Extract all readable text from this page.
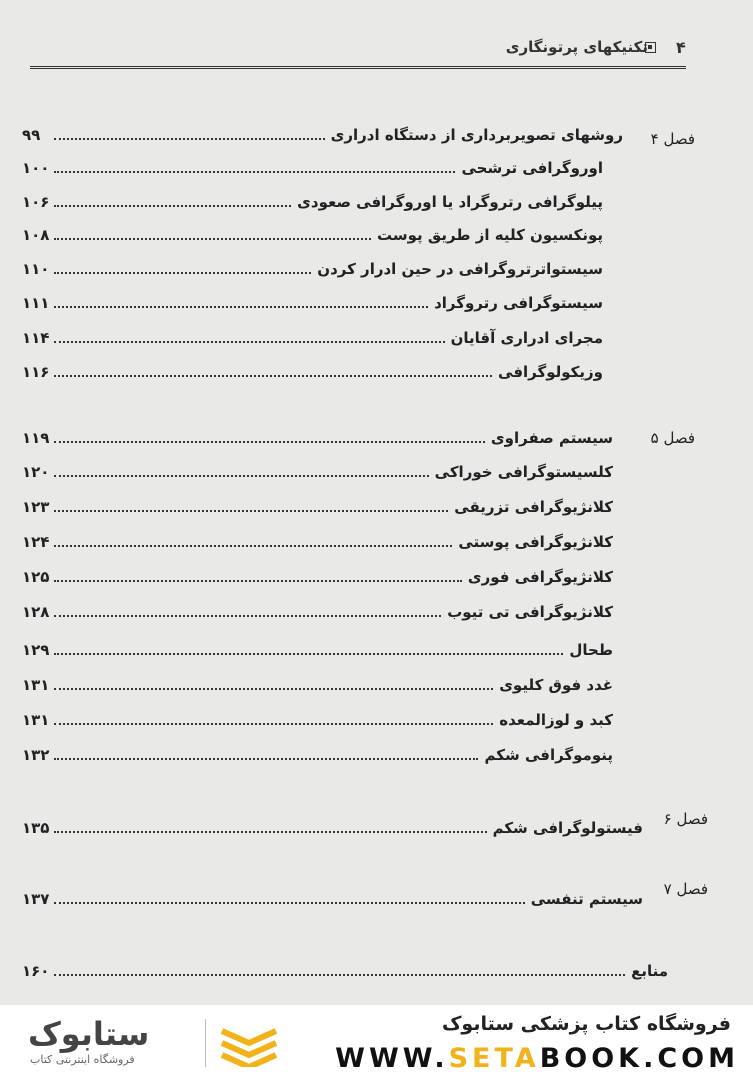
۴
تکنیکهای پرتونگاری
فصل ۴
روشهای تصویربرداری از دستگاه ادراری
۹۹
اوروگرافی ترشحی
۱۰۰
پیلوگرافی رتروگراد یا اوروگرافی صعودی
۱۰۶
پونکسیون کلیه از طریق پوست
۱۰۸
سیستواترتروگرافی در حین ادرار کردن
۱۱۰
سیستوگرافی رتروگراد
۱۱۱
مجرای ادراری آقایان
۱۱۴
وزیکولوگرافی
۱۱۶
فصل ۵
سیستم صفراوی
۱۱۹
کلسیستوگرافی خوراکی
۱۲۰
کلانژیوگرافی تزریقی
۱۲۳
کلانژیوگرافی پوستی
۱۲۴
کلانژیوگرافی فوری
۱۲۵
کلانژیوگرافی تی تیوب
۱۲۸
طحال
۱۲۹
غدد فوق کلیوی
۱۳۱
کبد و لوزالمعده
۱۳۱
پنوموگرافی شکم
۱۳۲
فصل ۶
فیستولوگرافی شکم
۱۳۵
فصل ۷
سیستم تنفسی
۱۳۷
منابع
۱۶۰
ستابوک
فروشگاه اینترنتی کتاب
فروشگاه کتاب پزشکی ستابوک
WWW.SETABOOK.COM
